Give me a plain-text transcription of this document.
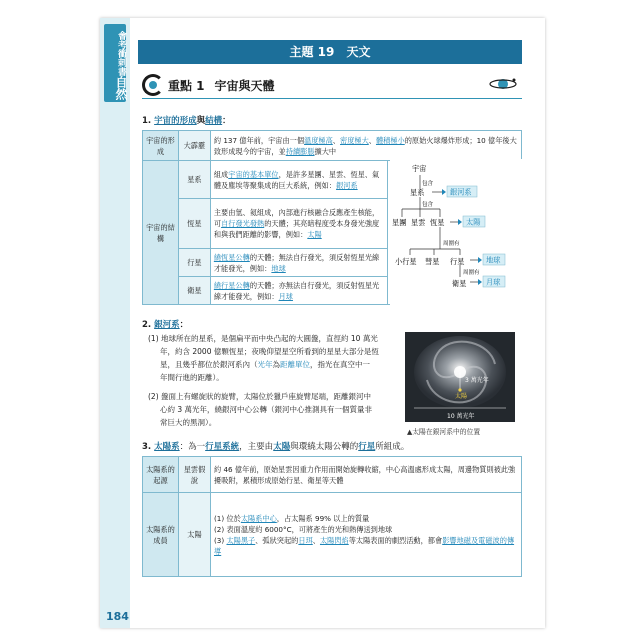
會考衝刺書自然
主題 19 天文
重點 1 宇宙與天體
1. 宇宙的形成與結構：
宇宙的形成	大霹靂	約 137 億年前，宇宙由一個溫度極高、密度極大、體積極小的原始火球爆炸形成；10 億年後大致形成現今的宇宙，並持續膨脹擴大中	
宇宙的結構	星系	組成宇宙的基本單位，是許多星團、星雲、恆星、氣體及塵埃等聚集成的巨大系統，例如：銀河系	
	恆星	主要由氫、氦組成，內部進行核融合反應產生核能，可自行發光發熱的天體；其亮暗程度受本身發光強度和與我們距離的影響，例如：太陽	
	行星	繞恆星公轉的天體；無法自行發光，須反射恆星光線才能發光，例如：地球	
	衛星	繞行星公轉的天體；亦無法自行發光，須反射恆星光線才能發光，例如：月球	
宇宙
包含
星系	銀河系
包含
星團 星雲 恆星	太陽
周圍有
小行星 彗星 行星	地球
周圍有
衛星	月球
2. 銀河系：
(1) 地球所在的星系，是個扁平而中央凸起的大圓盤，直徑約 10 萬光
年，約含 2000 億顆恆星；夜晚仰望星空所看到的星星大部分是恆
星，且幾乎都位於銀河系內（光年為距離單位，指光在真空中一
年間行進的距離）。
(2) 盤面上有螺旋狀的旋臂，太陽位於獵戶座旋臂尾端，距離銀河中
心約 3 萬光年，繞銀河中心公轉（銀河中心推測具有一個質量非
常巨大的黑洞）。
3 萬光年
太陽
10 萬光年
▲太陽在銀河系中的位置
3. 太陽系：為一行星系統，主要由太陽與環繞太陽公轉的行星所組成。
太陽系的起源	星雲假說	約 46 億年前，原始星雲因重力作用而開始旋轉收縮，中心高溫處形成太陽，周邊物質則被此強擾吸附，累積形成原始行星、衛星等天體
太陽系的成員	太陽	(1) 位於太陽系中心，占太陽系 99% 以上的質量
(2) 表面溫度約 6000°C，可將產生的光和熱傳送到地球
(3) 太陽黑子、弧狀突起的日珥、太陽閃焰等太陽表面的劇烈活動，都會影響地磁及電磁波的傳導
184
